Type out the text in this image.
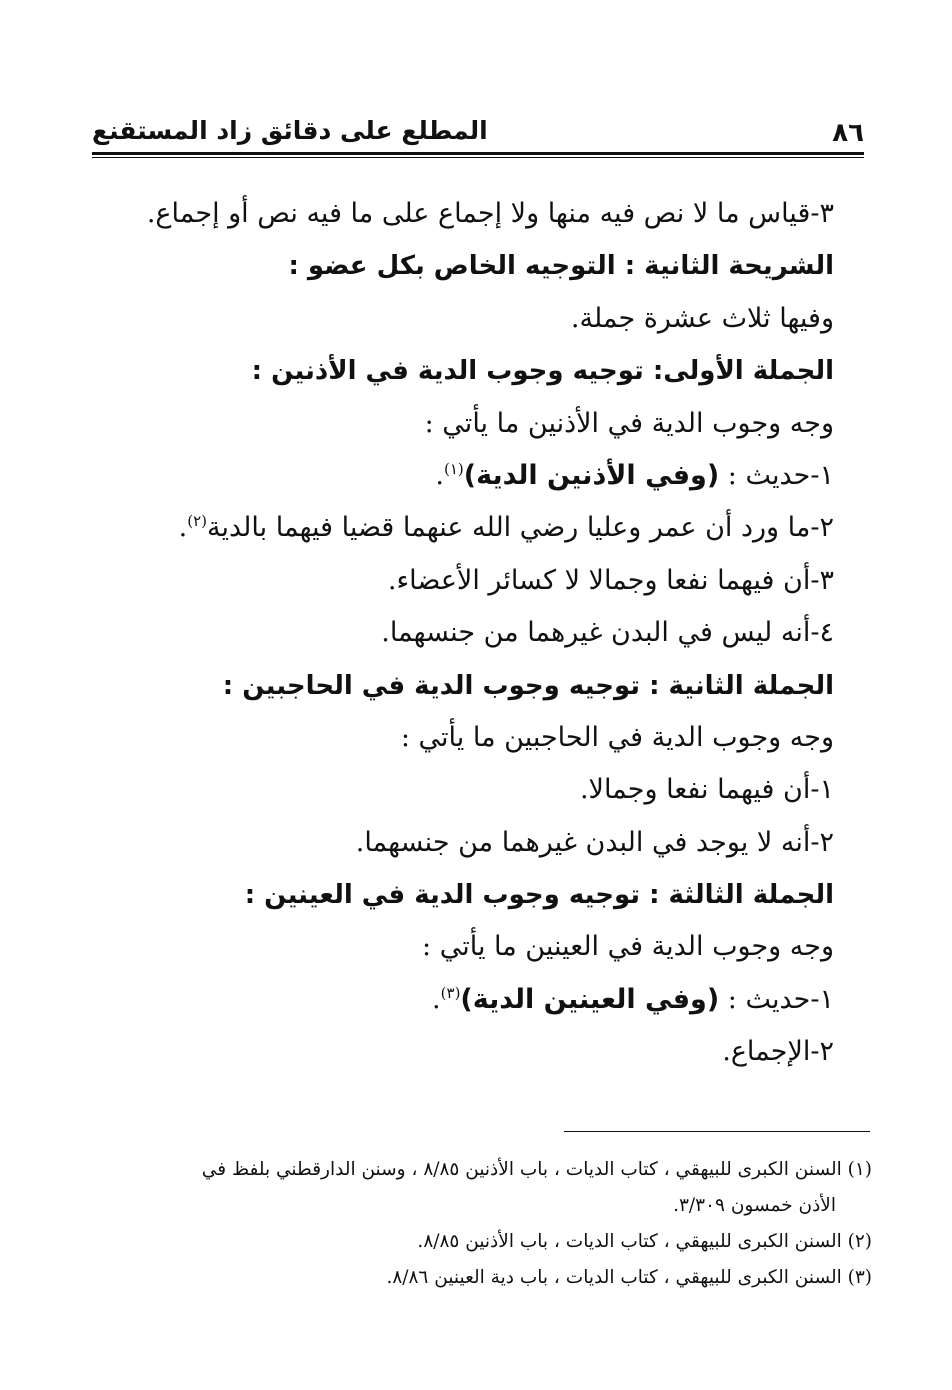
٨٦
المطلع على دقائق زاد المستقنع
٣-قياس ما لا نص فيه منها ولا إجماع على ما فيه نص أو إجماع.
الشريحة الثانية : التوجيه الخاص بكل عضو :
وفيها ثلاث عشرة جملة.
الجملة الأولى: توجيه وجوب الدية في الأذنين :
وجه وجوب الدية في الأذنين ما يأتي :
١-حديث : (وفي الأذنين الدية)$^{(١)}$.
٢-ما ورد أن عمر وعليا رضي الله عنهما قضيا فيهما بالدية$^{(٢)}$.
٣-أن فيهما نفعا وجمالا لا كسائر الأعضاء.
٤-أنه ليس في البدن غيرهما من جنسهما.
الجملة الثانية : توجيه وجوب الدية في الحاجبين :
وجه وجوب الدية في الحاجبين ما يأتي :
١-أن فيهما نفعا وجمالا.
٢-أنه لا يوجد في البدن غيرهما من جنسهما.
الجملة الثالثة : توجيه وجوب الدية في العينين :
وجه وجوب الدية في العينين ما يأتي :
١-حديث : (وفي العينين الدية)$^{(٣)}$.
٢-الإجماع.
(١) السنن الكبرى للبيهقي ، كتاب الديات ، باب الأذنين ٨/٨٥ ، وسنن الدارقطني بلفظ في
الأذن خمسون ٣/٣٠٩.
(٢) السنن الكبرى للبيهقي ، كتاب الديات ، باب الأذنين ٨/٨٥.
(٣) السنن الكبرى للبيهقي ، كتاب الديات ، باب دية العينين ٨/٨٦.
